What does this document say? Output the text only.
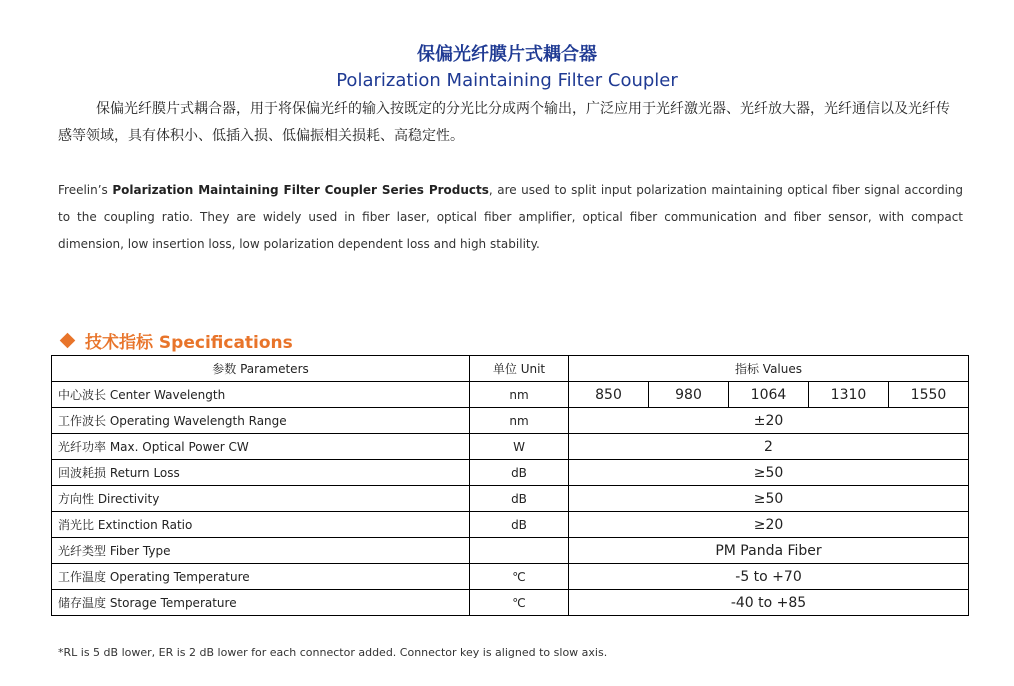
保偏光纤膜片式耦合器
Polarization Maintaining Filter Coupler
保偏光纤膜片式耦合器，用于将保偏光纤的输入按既定的分光比分成两个输出，广泛应用于光纤激光器、光纤放大器，光纤通信以及光纤传感等领域，具有体积小、低插入损、低偏振相关损耗、高稳定性。
Freelin’s Polarization Maintaining Filter Coupler Series Products, are used to split input polarization maintaining optical fiber signal according to the coupling ratio. They are widely used in fiber laser, optical fiber amplifier, optical fiber communication and fiber sensor, with compact dimension, low insertion loss, low polarization dependent loss and high stability.
技术指标 Specifications
参数 Parameters	单位 Unit	指标 Values				
中心波长 Center Wavelength	nm	850	980	1064	1310	1550
工作波长 Operating Wavelength Range	nm	±20				
光纤功率 Max. Optical Power CW	W	2				
回波耗损 Return Loss	dB	≥50				
方向性 Directivity	dB	≥50				
消光比 Extinction Ratio	dB	≥20				
光纤类型 Fiber Type		PM Panda Fiber				
工作温度 Operating Temperature	℃	-5 to +70				
储存温度 Storage Temperature	℃	-40 to +85				
*RL is 5 dB lower, ER is 2 dB lower for each connector added. Connector key is aligned to slow axis.
